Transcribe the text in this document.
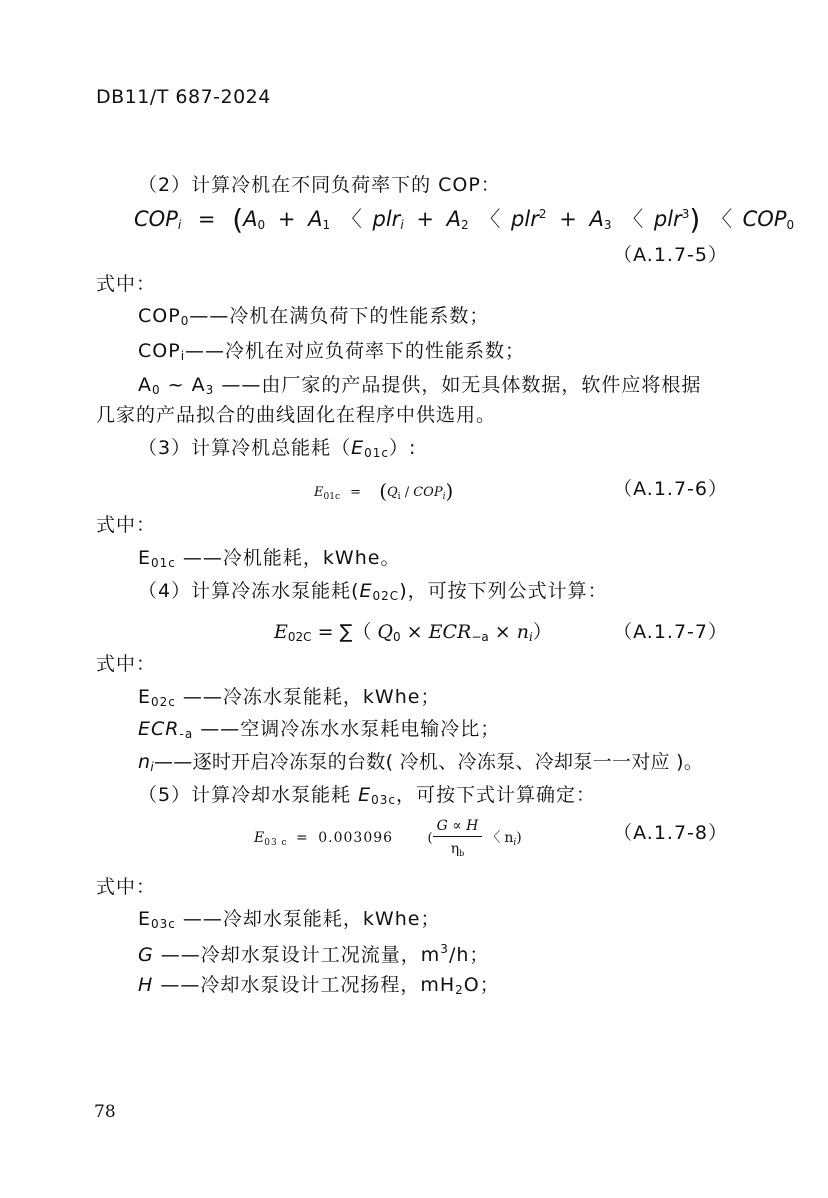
DB11/T 687-2024
（2）计算冷机在不同负荷率下的 COP：
$COP_i = (A_0 + A_1$ 〈 $plr_i + A_2$ 〈 $plr^2 + A_3$ 〈 plr$^3$) 〈 $COP_0$
（A.1.7-5）
式中：
$COP_0——$冷机在满负荷下的性能系数；
$COP_i——$冷机在对应负荷率下的性能系数；
$A_0$ ~ $A_3$ ——由厂家的产品提供，如无具体数据，软件应将根据
几家的产品拟合的曲线固化在程序中供选用。
（3）计算冷机总能耗$(E_{01c})$:
$E_{01c} = (Q_i / COP_i)$	（A.1.7-6）
式中：
$E_{01c}$ ——冷机能耗，kWhe。
（4）计算冷冻水泵能耗$(E_{02C})$，可按下列公式计算：
$E_{02C}$ = ∑（ $Q_0 \times ECR_{-a} \times n_i$）	（A.1.7-7）
式中：
$E_{02c}$ ——冷冻水泵能耗，kWhe；
$ECR_{-a}$ ——空调冷冻水水泵耗电输冷比；
$n_i——$逐时开启冷冻泵的台数( 冷机、冷冻泵、冷却泵一一对应 )。
（5）计算冷却水泵能耗 $E_{03c}$，可按下式计算确定：
$E_{03 c} = 0.003096$	( $\frac{G \propto H}{\eta_b}$ 〈 $n_i$)	（A.1.7-8）
式中：
$E_{03c}$ ——冷却水泵能耗，kWhe；
G ——冷却水泵设计工况流量，$m^3/h$；
H ——冷却水泵设计工况扬程，$mH_2O$；
78
